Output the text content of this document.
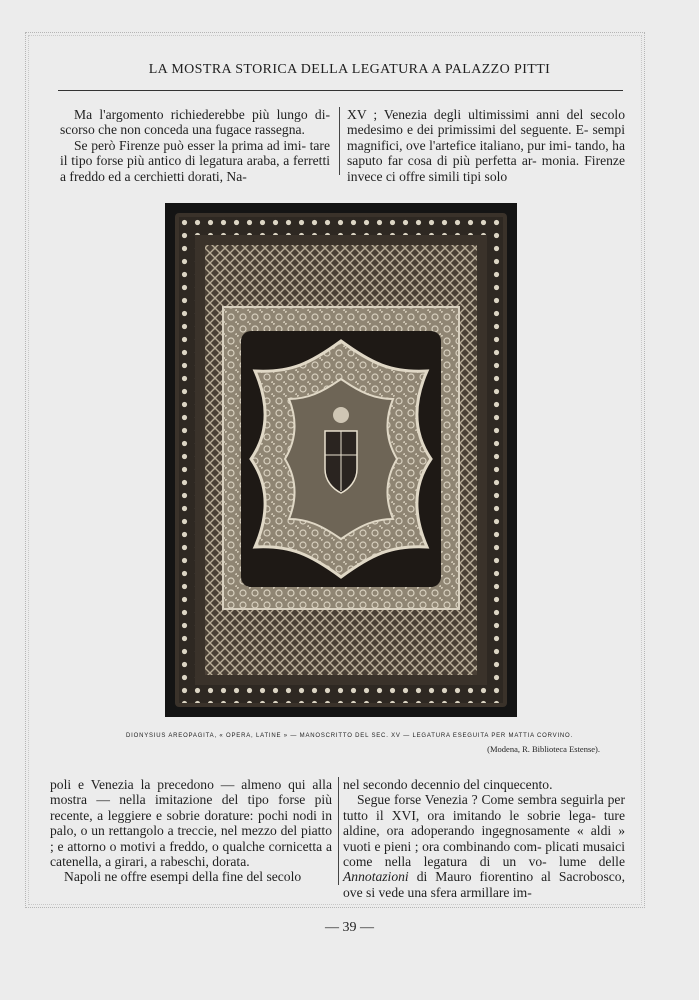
LA MOSTRA STORICA DELLA LEGATURA A PALAZZO PITTI

Ma l'argomento richiederebbe più lungo di- scorso che non conceda una fugace rassegna.

Se però Firenze può esser la prima ad imi- tare il tipo forse più antico di legatura araba, a ferretti a freddo ed a cerchietti dorati, Na-

XV ; Venezia degli ultimissimi anni del secolo medesimo e dei primissimi del seguente. E- sempi magnifici, ove l'artefice italiano, pur imi- tando, ha saputo far cosa di più perfetta ar- monia. Firenze invece ci offre simili tipi solo

DIONYSIUS AREOPAGITA, « OPERA, LATINE » — MANOSCRITTO DEL SEC. XV — LEGATURA ESEGUITA PER MATTIA CORVINO.
(Modena, R. Biblioteca Estense).

poli e Venezia la precedono — almeno qui alla mostra — nella imitazione del tipo forse più recente, a leggiere e sobrie dorature: pochi nodi in palo, o un rettangolo a treccie, nel mezzo del piatto ; e attorno o motivi a freddo, o qualche cornicetta a catenella, a girari, a rabeschi, dorata.

Napoli ne offre esempi della fine del secolo

nel secondo decennio del cinquecento.

Segue forse Venezia ? Come sembra seguirla per tutto il XVI, ora imitando le sobrie lega- ture aldine, ora adoperando ingegnosamente « aldi » vuoti e pieni ; ora combinando com- plicati musaici come nella legatura di un vo- lume delle Annotazioni di Mauro fiorentino al Sacrobosco, ove si vede una sfera armillare im-

— 39 —
